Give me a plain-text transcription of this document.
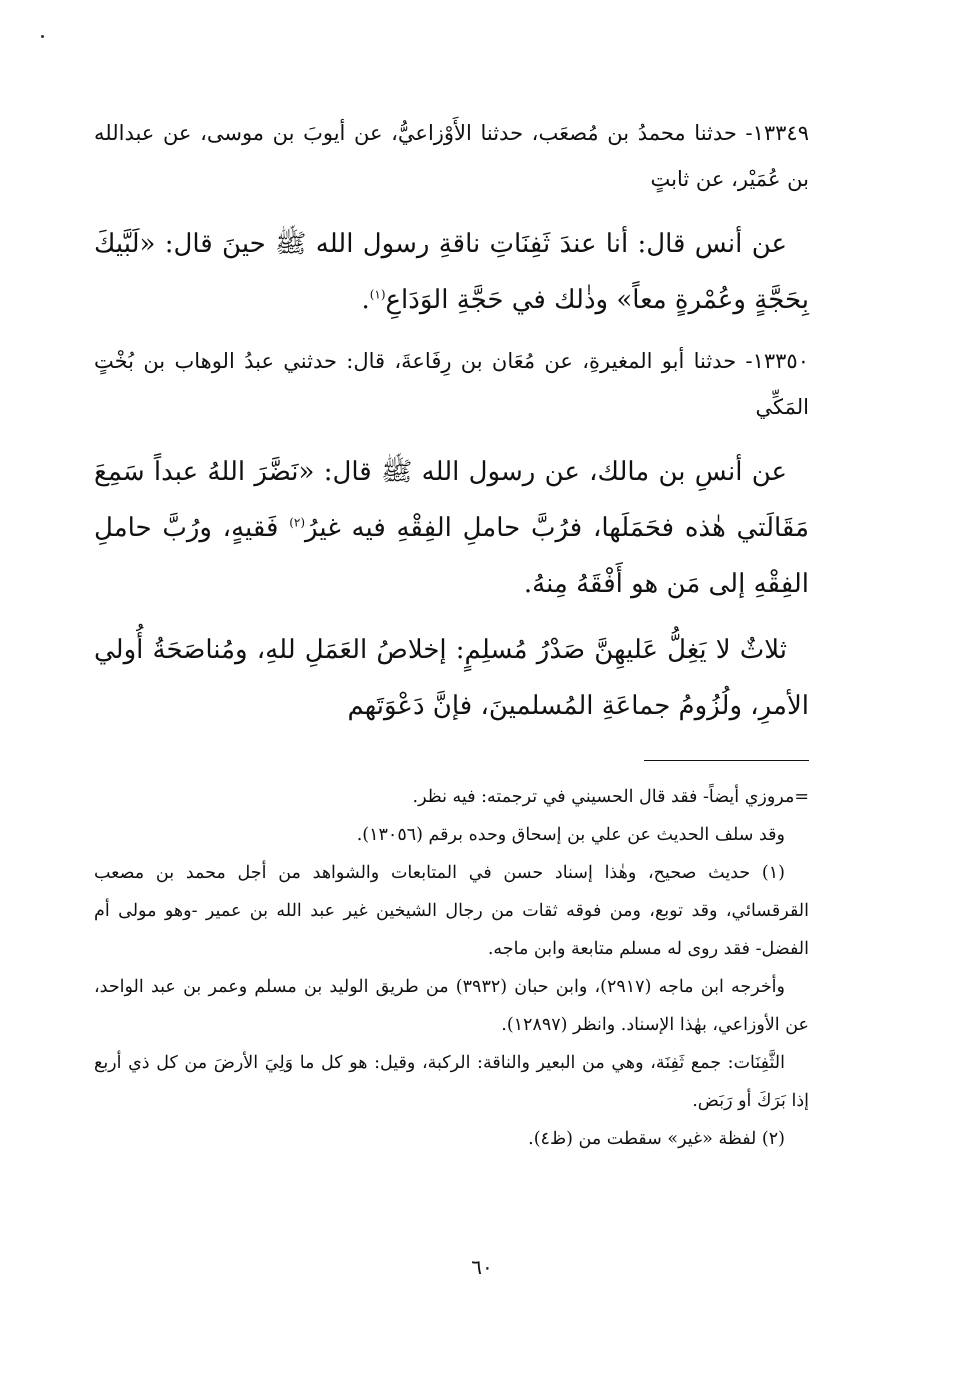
١٣٣٤٩- حدثنا محمدُ بن مُصعَب، حدثنا الأَوْزاعيُّ، عن أيوبَ بن موسى، عن عبدالله بن عُمَيْر، عن ثابتٍ

عن أنس قال: أنا عندَ ثَفِنَاتِ ناقةِ رسول الله ﷺ حينَ قال: «لَبَّيكَ بِحَجَّةٍ وعُمْرةٍ معاً» وذٰلك في حَجَّةِ الوَدَاعِ$^{(١)}$.

١٣٣٥٠- حدثنا أبو المغيرةِ، عن مُعَان بن رِفَاعةَ، قال: حدثني عبدُ الوهاب بن بُخْتٍ المَكِّي

عن أنسِ بن مالك، عن رسول الله ﷺ قال: «نَضَّرَ اللهُ عبداً سَمِعَ مَقَالَتي هٰذه فحَمَلَها، فرُبَّ حاملِ الفِقْهِ فيه غيرُ$^{(٢)}$ فَقيهٍ، ورُبَّ حاملِ الفِقْهِ إلى مَن هو أَفْقَهُ مِنهُ.

ثلاثٌ لا يَغِلُّ عَليهِنَّ صَدْرُ مُسلِمٍ: إخلاصُ العَمَلِ للهِ، ومُناصَحَةُ أُولي الأمرِ، ولُزُومُ جماعَةِ المُسلمينَ، فإنَّ دَعْوَتَهم

=مروزي أيضاً- فقد قال الحسيني في ترجمته: فيه نظر.

وقد سلف الحديث عن علي بن إسحاق وحده برقم (١٣٠٥٦).

(١) حديث صحيح، وهٰذا إسناد حسن في المتابعات والشواهد من أجل محمد بن مصعب القرقسائي، وقد توبع، ومن فوقه ثقات من رجال الشيخين غير عبد الله بن عمير -وهو مولى أم الفضل- فقد روى له مسلم متابعة وابن ماجه.

وأخرجه ابن ماجه (٢٩١٧)، وابن حبان (٣٩٣٢) من طريق الوليد بن مسلم وعمر بن عبد الواحد، عن الأوزاعي، بهٰذا الإسناد. وانظر (١٢٨٩٧).

الثَّفِنَات: جمع ثَفِنَة، وهي من البعير والناقة: الركبة، وقيل: هو كل ما وَلِيَ الأرضَ من كل ذي أربع إذا بَرَكَ أو رَبَض.

(٢) لفظة «غير» سقطت من (ظ٤).

٦٠
